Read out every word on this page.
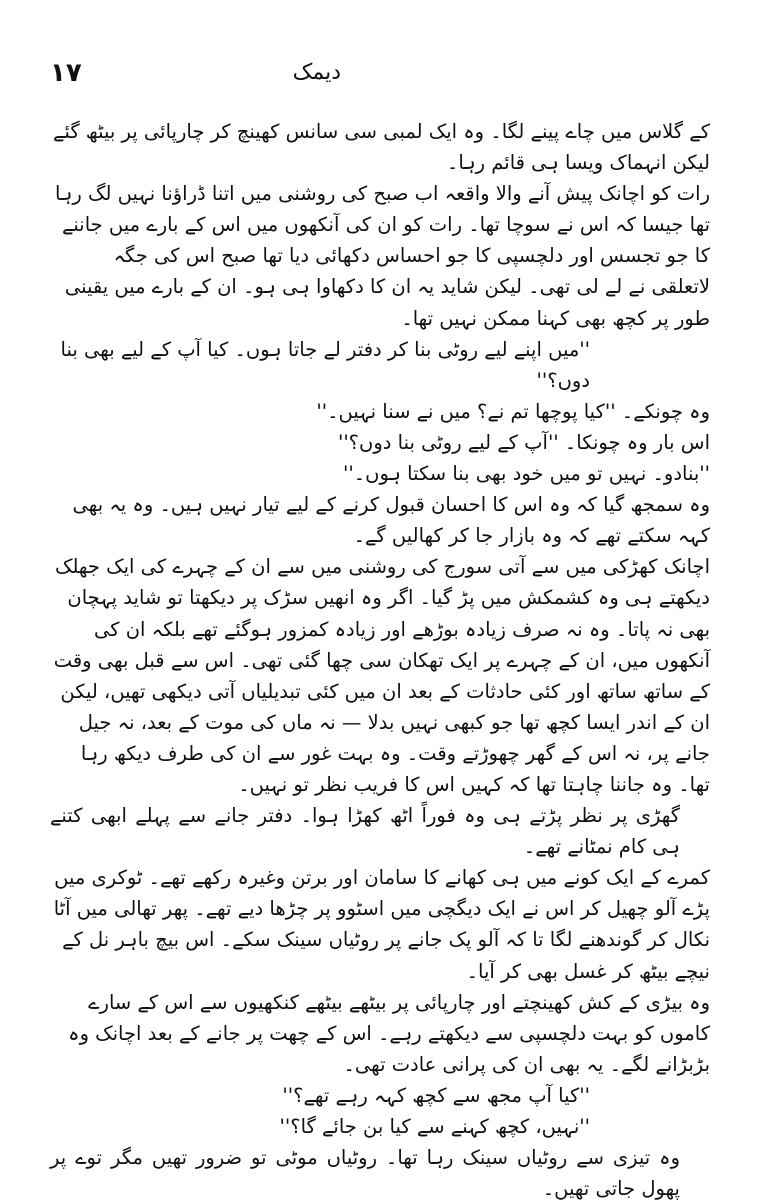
١٧	دیمک

کے گلاس میں چاے پینے لگا۔ وہ ایک لمبی سی سانس کھینچ کر چارپائی پر بیٹھ گئے لیکن انہماک ویسا ہی قائم رہا۔

رات کو اچانک پیش آنے والا واقعہ اب صبح کی روشنی میں اتنا ڈراؤنا نہیں لگ رہا تھا جیسا کہ اس نے سوچا تھا۔ رات کو ان کی آنکھوں میں اس کے بارے میں جاننے کا جو تجسس اور دلچسپی کا جو احساس دکھائی دیا تھا صبح اس کی جگہ لاتعلقی نے لے لی تھی۔ لیکن شاید یہ ان کا دکھاوا ہی ہو۔ ان کے بارے میں یقینی طور پر کچھ بھی کہنا ممکن نہیں تھا۔

''میں اپنے لیے روٹی بنا کر دفتر لے جاتا ہوں۔ کیا آپ کے لیے بھی بنا دوں؟''

وہ چونکے۔ ''کیا پوچھا تم نے؟ میں نے سنا نہیں۔''

اس بار وہ چونکا۔ ''آپ کے لیے روٹی بنا دوں؟''

''بنادو۔ نہیں تو میں خود بھی بنا سکتا ہوں۔''

وہ سمجھ گیا کہ وہ اس کا احسان قبول کرنے کے لیے تیار نہیں ہیں۔ وہ یہ بھی کہہ سکتے تھے کہ وہ بازار جا کر کھالیں گے۔

اچانک کھڑکی میں سے آتی سورج کی روشنی میں سے ان کے چہرے کی ایک جھلک دیکھتے ہی وہ کشمکش میں پڑ گیا۔ اگر وہ انھیں سڑک پر دیکھتا تو شاید پہچان بھی نہ پاتا۔ وہ نہ صرف زیادہ بوڑھے اور زیادہ کمزور ہوگئے تھے بلکہ ان کی آنکھوں میں، ان کے چہرے پر ایک تھکان سی چھا گئی تھی۔ اس سے قبل بھی وقت کے ساتھ ساتھ اور کئی حادثات کے بعد ان میں کئی تبدیلیاں آتی دیکھی تھیں، لیکن ان کے اندر ایسا کچھ تھا جو کبھی نہیں بدلا — نہ ماں کی موت کے بعد، نہ جیل جانے پر، نہ اس کے گھر چھوڑتے وقت۔ وہ بہت غور سے ان کی طرف دیکھ رہا تھا۔ وہ جاننا چاہتا تھا کہ کہیں اس کا فریب نظر تو نہیں۔

گھڑی پر نظر پڑتے ہی وہ فوراً اٹھ کھڑا ہوا۔ دفتر جانے سے پہلے ابھی کتنے ہی کام نمٹانے تھے۔

کمرے کے ایک کونے میں ہی کھانے کا سامان اور برتن وغیرہ رکھے تھے۔ ٹوکری میں پڑے آلو چھیل کر اس نے ایک دیگچی میں اسٹوو پر چڑھا دیے تھے۔ پھر تھالی میں آٹا نکال کر گوندھنے لگا تا کہ آلو پک جانے پر روٹیاں سینک سکے۔ اس بیچ باہر نل کے نیچے بیٹھ کر غسل بھی کر آیا۔

وہ بیڑی کے کش کھینچتے اور چارپائی پر بیٹھے بیٹھے کنکھیوں سے اس کے سارے کاموں کو بہت دلچسپی سے دیکھتے رہے۔ اس کے چھت پر جانے کے بعد اچانک وہ بڑبڑانے لگے۔ یہ بھی ان کی پرانی عادت تھی۔

''کیا آپ مجھ سے کچھ کہہ رہے تھے؟''

''نہیں، کچھ کہنے سے کیا بن جائے گا؟''

وہ تیزی سے روٹیاں سینک رہا تھا۔ روٹیاں موٹی تو ضرور تھیں مگر توے پر پھول جاتی تھیں۔
